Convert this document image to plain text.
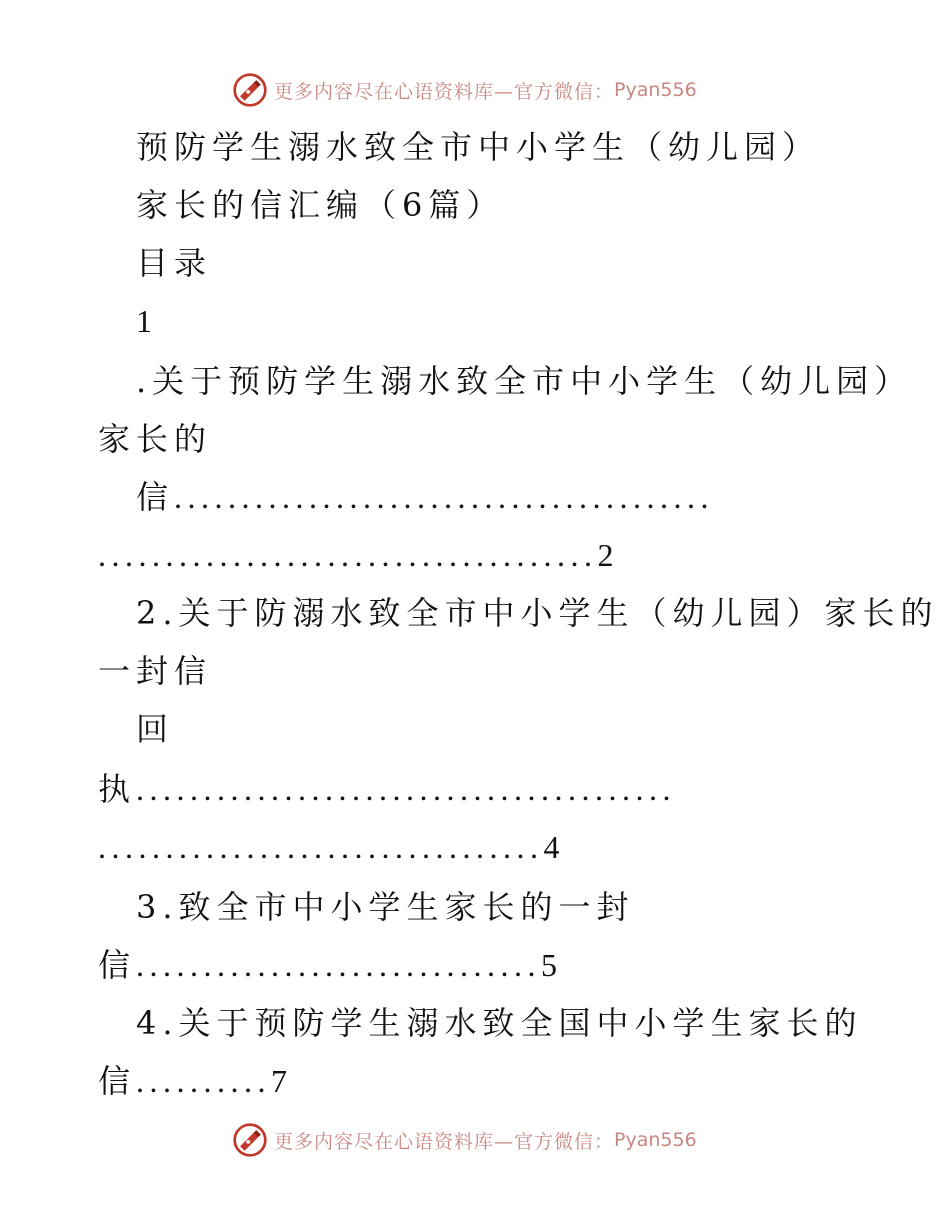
更多内容尽在心语资料库—官方微信： Pyan556
预防学生溺水致全市中小学生（幼儿园）
家长的信汇编（6篇）
目录
1
.关于预防学生溺水致全市中小学生（幼儿园）
家长的
信........................................
.....................................2
2.关于防溺水致全市中小学生（幼儿园）家长的
一封信
回
执........................................
.................................4
3.致全市中小学生家长的一封
信..............................5
4.关于预防学生溺水致全国中小学生家长的
信..........7
更多内容尽在心语资料库—官方微信： Pyan556
